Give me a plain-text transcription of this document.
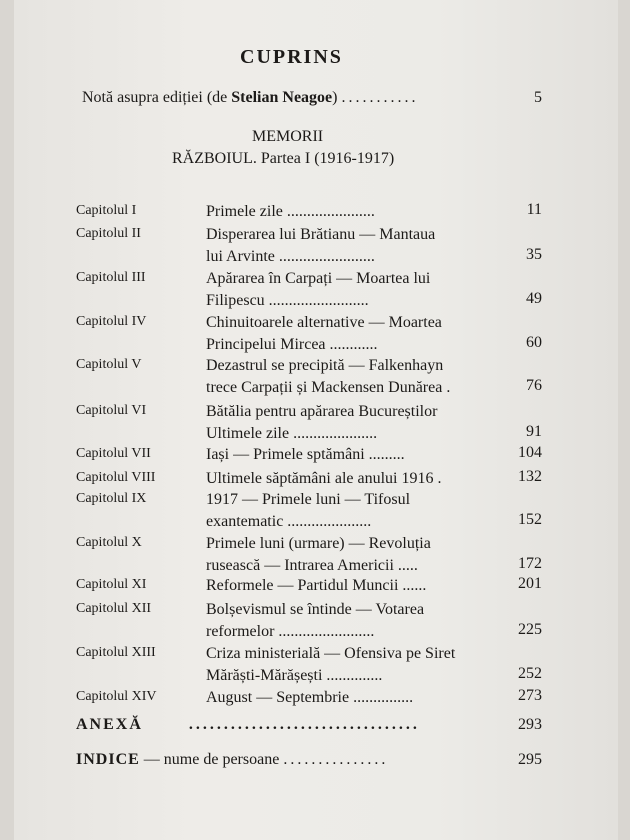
CUPRINS
Notă asupra ediției (de Stelian Neagoe) ...........	5
MEMORII
RĂZBOIUL. Partea I (1916-1917)
Capitolul I	Primele zile ......................	11
Capitolul II	Disperarea lui Brătianu — Mantaua
lui Arvinte ........................	35
Capitolul III	Apărarea în Carpați — Moartea lui
Filipescu .........................	49
Capitolul IV	Chinuitoarele alternative — Moartea
Principelui Mircea ............	60
Capitolul V	Dezastrul se precipită — Falkenhayn
trece Carpații și Mackensen Dunărea .	76
Capitolul VI	Bătălia pentru apărarea Bucureștilor
Ultimele zile .....................	91
Capitolul VII	Iași — Primele sptămâni .........	104
Capitolul VIII	Ultimele săptămâni ale anului 1916 .	132
Capitolul IX	1917 — Primele luni — Tifosul
exantematic .....................	152
Capitolul X	Primele luni (urmare) — Revoluția
rusească — Intrarea Americii .....	172
Capitolul XI	Reformele — Partidul Muncii ......	201
Capitolul XII	Bolșevismul se întinde — Votarea
reformelor ........................	225
Capitolul XIII	Criza ministerială — Ofensiva pe Siret
Mărăști-Mărășești ..............	252
Capitolul XIV	August — Septembrie ...............	273
ANEXĂ	.................................	293
INDICE — nume de persoane ...............	295
